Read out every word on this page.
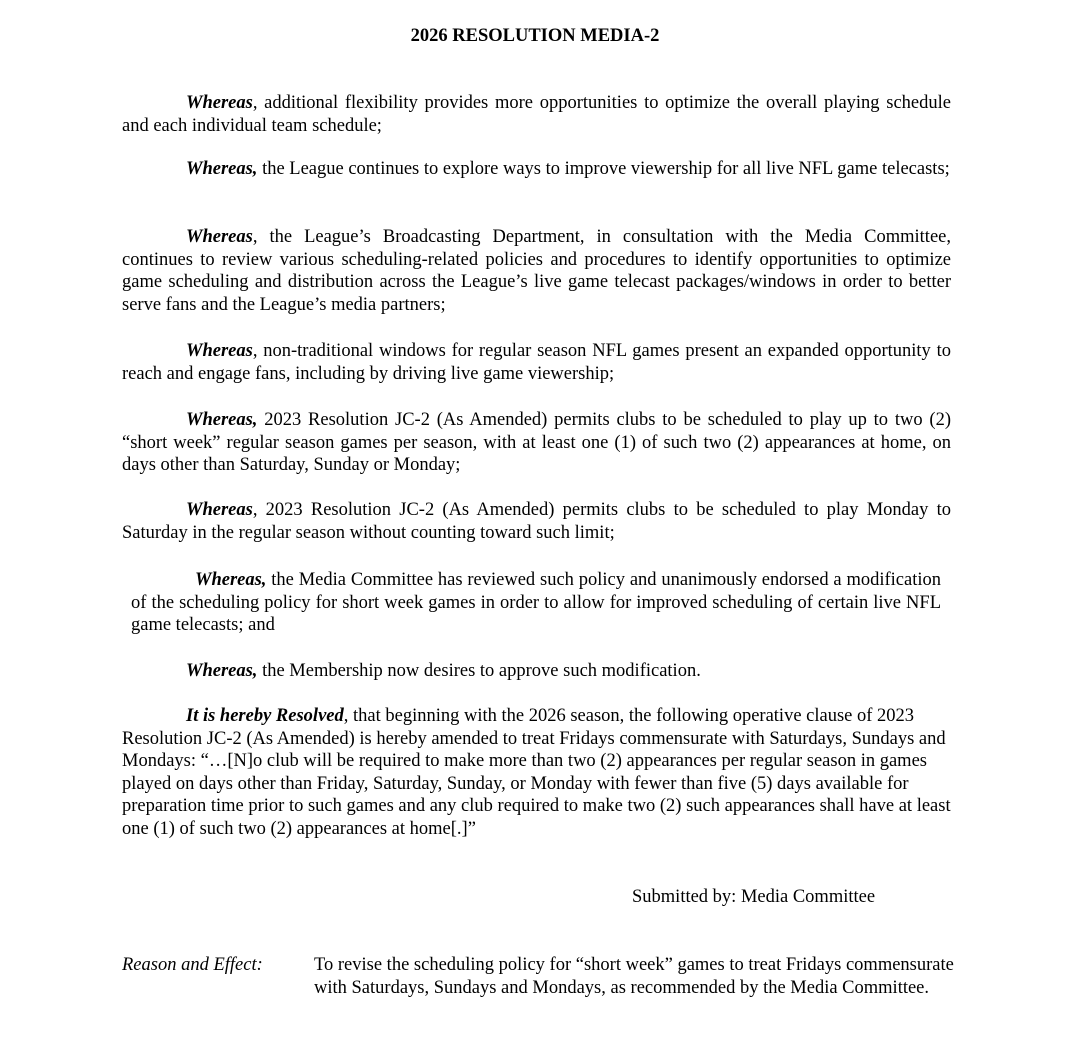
2026 RESOLUTION MEDIA-2

Whereas, additional flexibility provides more opportunities to optimize the overall playing schedule and each individual team schedule;

Whereas, the League continues to explore ways to improve viewership for all live NFL game telecasts;

Whereas, the League’s Broadcasting Department, in consultation with the Media Committee, continues to review various scheduling-related policies and procedures to identify opportunities to optimize game scheduling and distribution across the League’s live game telecast packages/windows in order to better serve fans and the League’s media partners;

Whereas, non-traditional windows for regular season NFL games present an expanded opportunity to reach and engage fans, including by driving live game viewership;

Whereas, 2023 Resolution JC-2 (As Amended) permits clubs to be scheduled to play up to two (2) “short week” regular season games per season, with at least one (1) of such two (2) appearances at home, on days other than Saturday, Sunday or Monday;

Whereas, 2023 Resolution JC-2 (As Amended) permits clubs to be scheduled to play Monday to Saturday in the regular season without counting toward such limit;

Whereas, the Media Committee has reviewed such policy and unanimously endorsed a modification of the scheduling policy for short week games in order to allow for improved scheduling of certain live NFL game telecasts; and

Whereas, the Membership now desires to approve such modification.

It is hereby Resolved, that beginning with the 2026 season, the following operative clause of 2023 Resolution JC-2 (As Amended) is hereby amended to treat Fridays commensurate with Saturdays, Sundays and Mondays: “…[N]o club will be required to make more than two (2) appearances per regular season in games played on days other than Friday, Saturday, Sunday, or Monday with fewer than five (5) days available for preparation time prior to such games and any club required to make two (2) such appearances shall have at least one (1) of such two (2) appearances at home[.]”

Submitted by: Media Committee
Reason and Effect:	To revise the scheduling policy for “short week” games to treat Fridays commensurate with Saturdays, Sundays and Mondays, as recommended by the Media Committee.
